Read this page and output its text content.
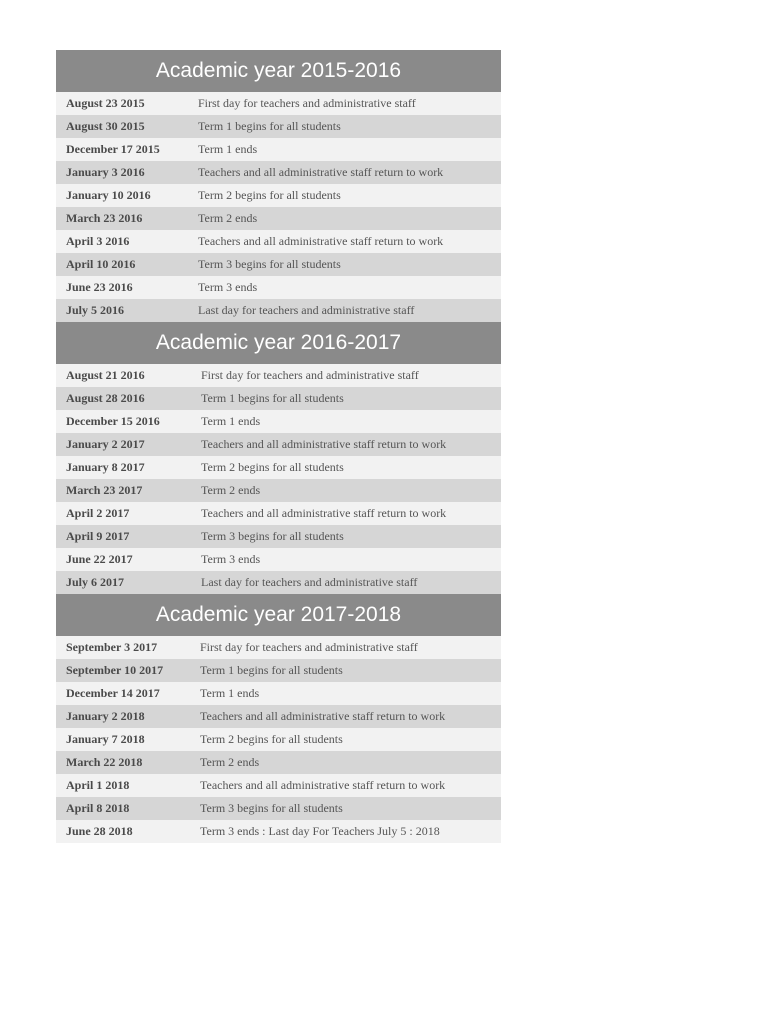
Academic year 2015-2016
August 23 2015	First day for teachers and administrative staff
August 30 2015	Term 1 begins for all students
December 17 2015	Term 1 ends
January 3 2016	Teachers and all administrative staff return to work
January 10 2016	Term 2 begins for all students
March 23 2016	Term 2 ends
April 3 2016	Teachers and all administrative staff return to work
April 10 2016	Term 3 begins for all students
June 23 2016	Term 3 ends
July 5 2016	Last day for teachers and administrative staff
Academic year 2016-2017
August 21 2016	First day for teachers and administrative staff
August 28 2016	Term 1 begins for all students
December 15 2016	Term 1 ends
January 2 2017	Teachers and all administrative staff return to work
January 8 2017	Term 2 begins for all students
March 23 2017	Term 2 ends
April 2 2017	Teachers and all administrative staff return to work
April 9 2017	Term 3 begins for all students
June 22 2017	Term 3 ends
July 6 2017	Last day for teachers and administrative staff
Academic year 2017-2018
September 3 2017	First day for teachers and administrative staff
September 10 2017	Term 1 begins for all students
December 14 2017	Term 1 ends
January 2 2018	Teachers and all administrative staff return to work
January 7 2018	Term 2 begins for all students
March 22 2018	Term 2 ends
April 1 2018	Teachers and all administrative staff return to work
April 8 2018	Term 3 begins for all students
June 28 2018	Term 3 ends : Last day For Teachers July 5 : 2018
